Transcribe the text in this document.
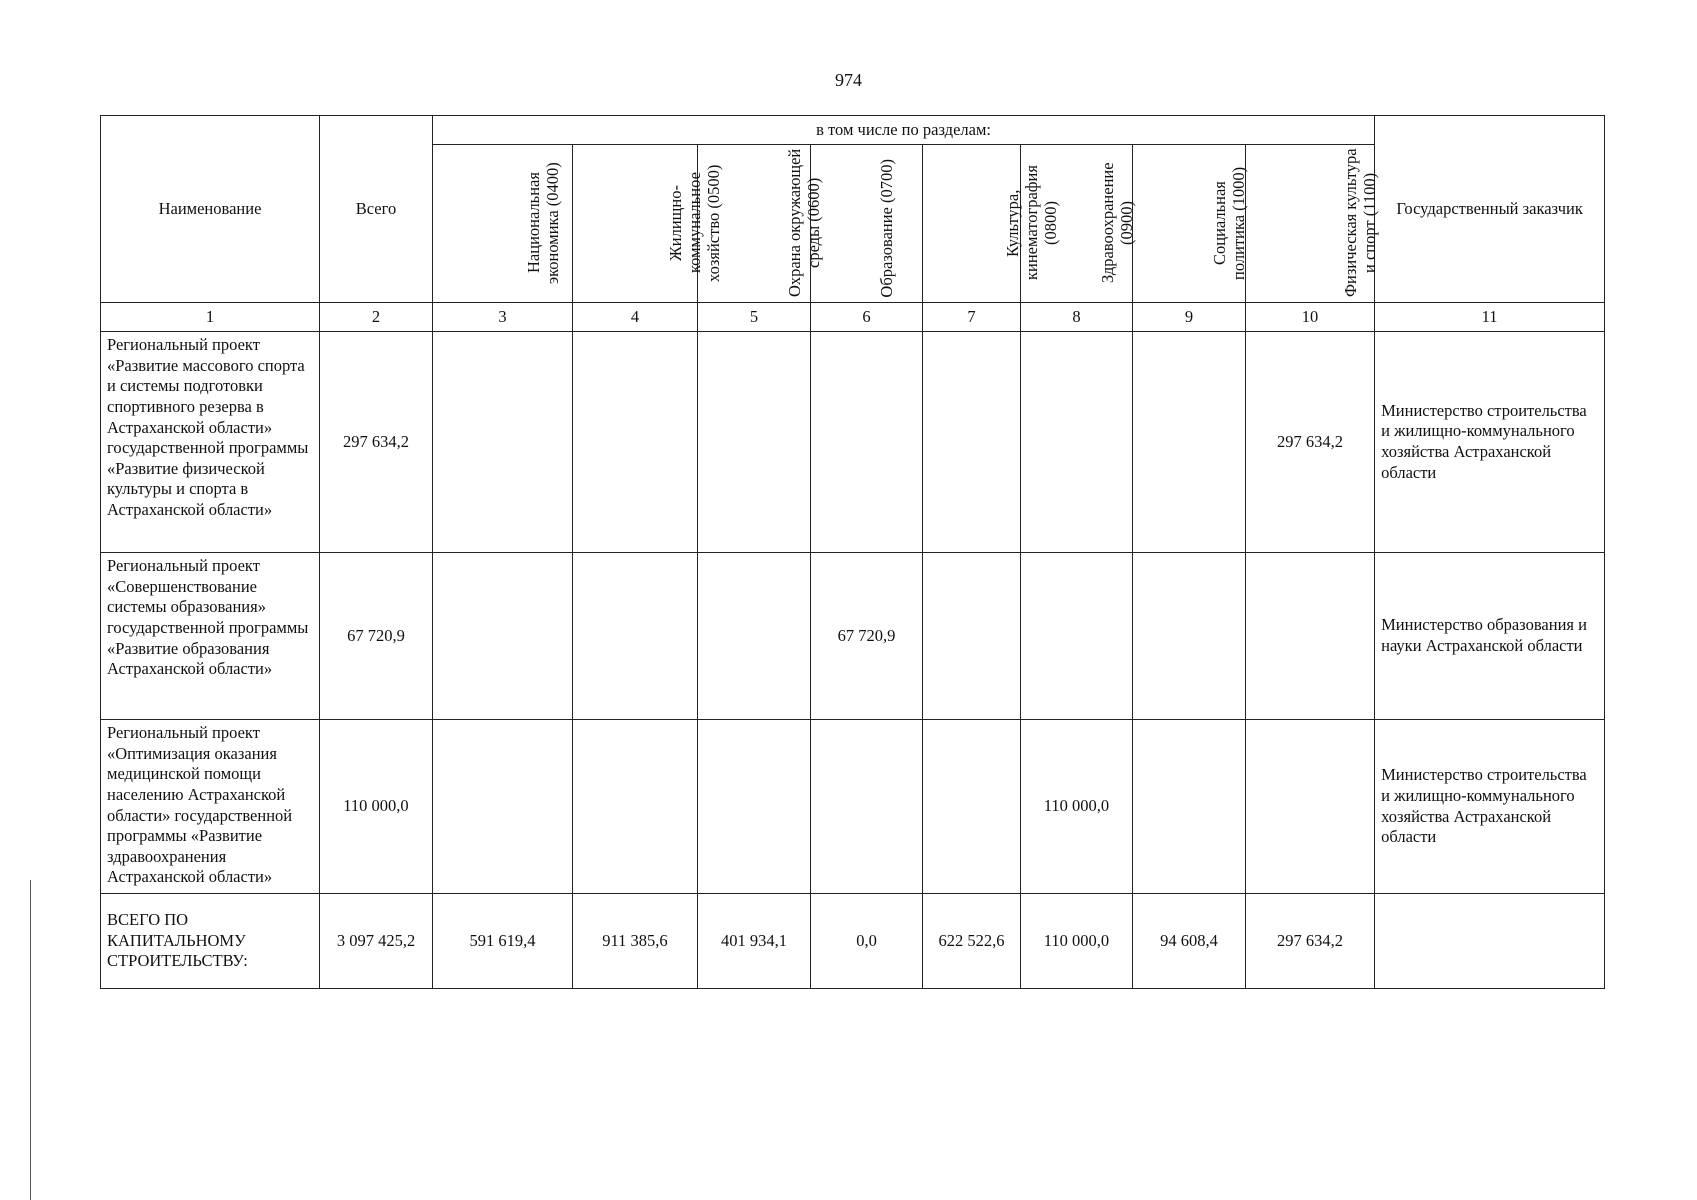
974
Наименование	Всего	в том числе по разделам:								Государственный заказчик

		Национальная экономика (0400)	Жилищно-коммунальное хозяйство (0500)	Охрана окружающей среды (0600)	Образование (0700)	Культура, кинематография (0800)	Здравоохранение (0900)	Социальная политика (1000)	Физическая культура и спорт (1100)	

1	2	3	4	5	6	7	8	9	10	11
Региональный проект «Развитие массового спорта и системы подготовки спортивного резерва в Астраханской области» государственной программы «Развитие физической культуры и спорта в Астраханской области»	297 634,2								297 634,2	Министерство строительства и жилищно-коммунального хозяйства Астраханской области
Региональный проект «Совершенствование системы образования» государственной программы «Развитие образования Астраханской области»	67 720,9				67 720,9					Министерство образования и науки Астраханской области
Региональный проект «Оптимизация оказания медицинской помощи населению Астраханской области» государственной программы «Развитие здравоохранения Астраханской области»	110 000,0						110 000,0			Министерство строительства и жилищно-коммунального хозяйства Астраханской области
ВСЕГО ПО КАПИТАЛЬНОМУ СТРОИТЕЛЬСТВУ:	3 097 425,2	591 619,4	911 385,6	401 934,1	0,0	622 522,6	110 000,0	94 608,4	297 634,2	
